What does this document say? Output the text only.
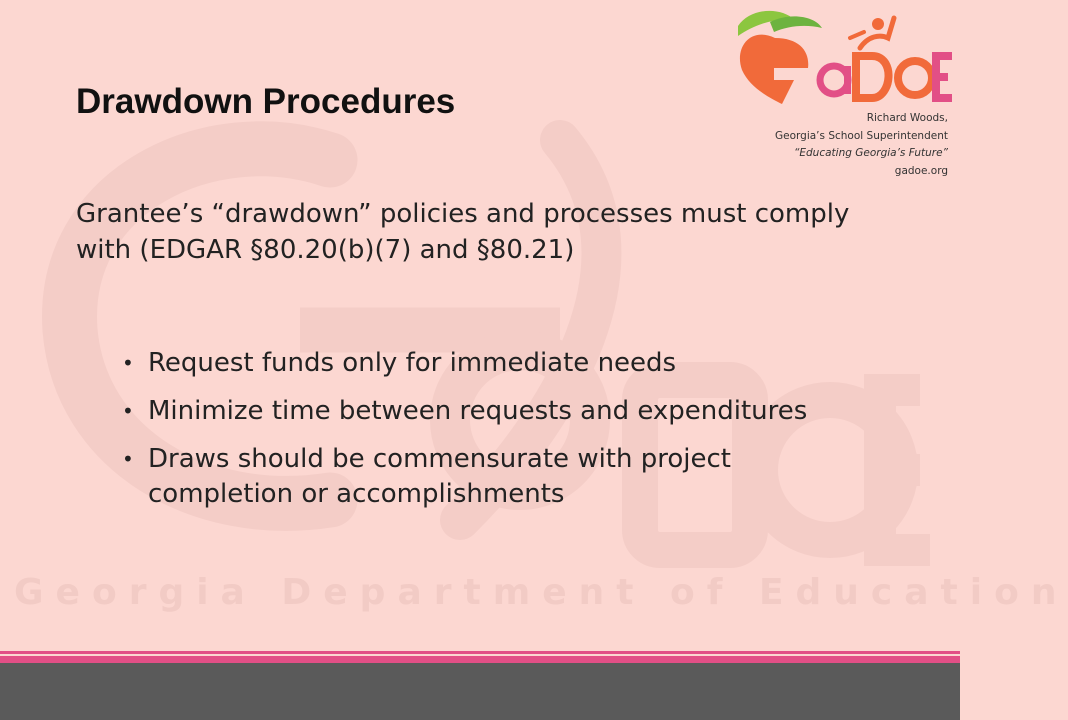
Georgia Department of Education
Richard Woods,
Georgia’s School Superintendent
“Educating Georgia’s Future”
gadoe.org
Drawdown Procedures
Grantee’s “drawdown” policies and processes must comply with (EDGAR §80.20(b)(7) and §80.21)
• Request funds only for immediate needs
• Minimize time between requests and expenditures
• Draws should be commensurate with project completion or accomplishments
